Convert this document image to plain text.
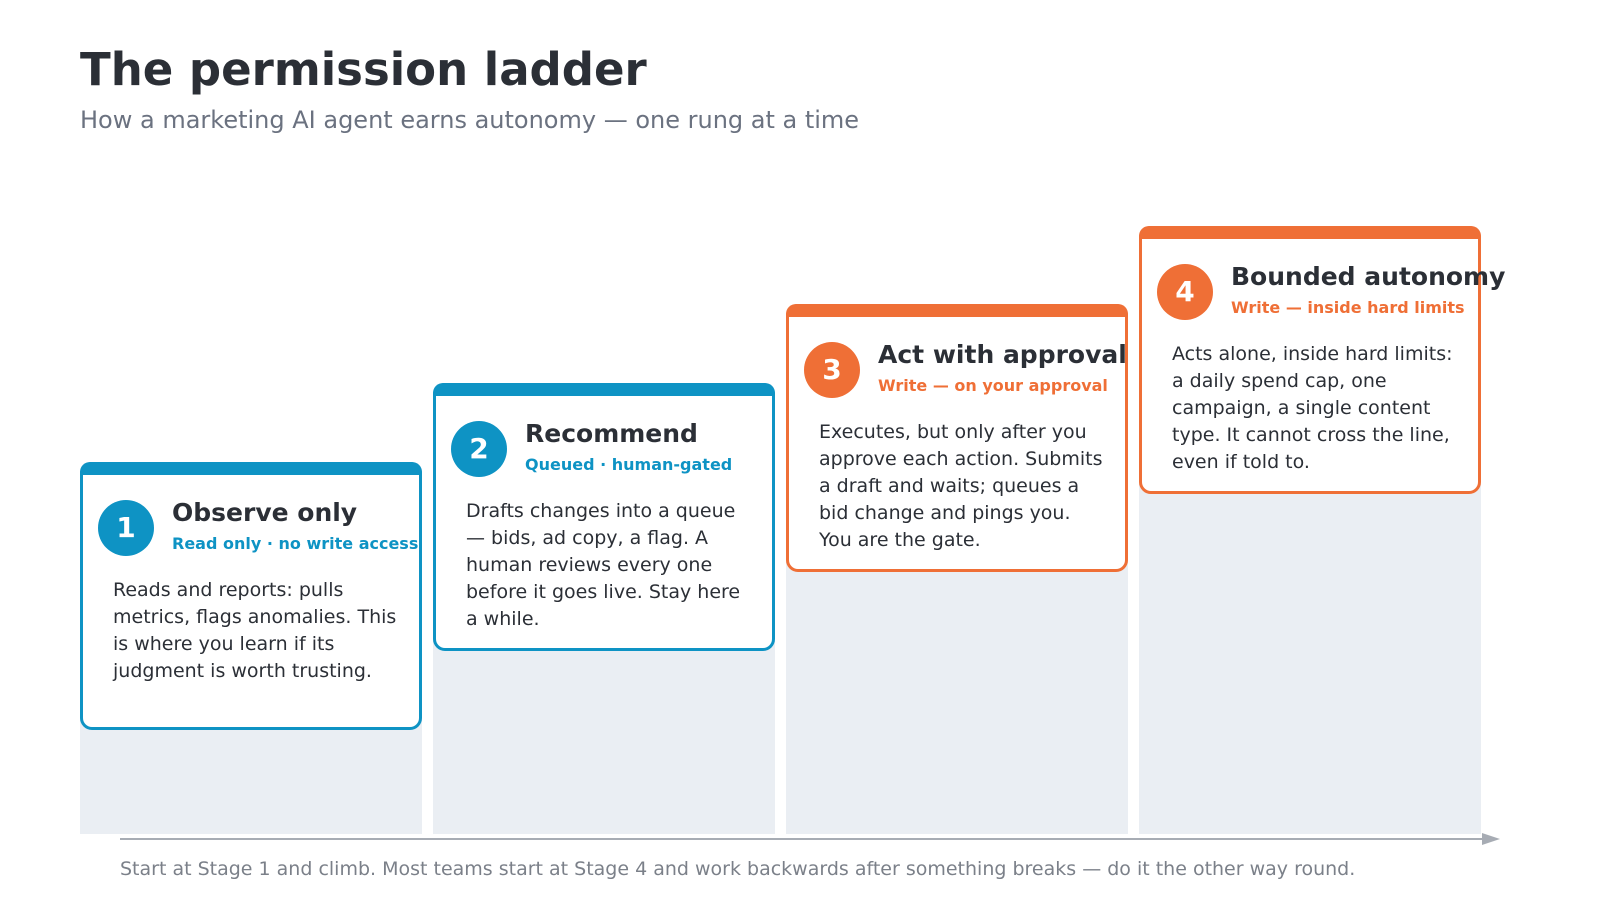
The permission ladder

How a marketing AI agent earns autonomy — one rung at a time

1	Observe only
Read only · no write access
Reads and reports: pulls metrics, flags anomalies. This is where you learn if its judgment is worth trusting.
2	Recommend
Queued · human-gated
Drafts changes into a queue — bids, ad copy, a flag. A human reviews every one before it goes live. Stay here a while.
3	Act with approval
Write — on your approval
Executes, but only after you approve each action. Submits a draft and waits; queues a bid change and pings you. You are the gate.
4	Bounded autonomy
Write — inside hard limits
Acts alone, inside hard limits: a daily spend cap, one campaign, a single content type. It cannot cross the line, even if told to.

Start at Stage 1 and climb. Most teams start at Stage 4 and work backwards after something breaks — do it the other way round.
